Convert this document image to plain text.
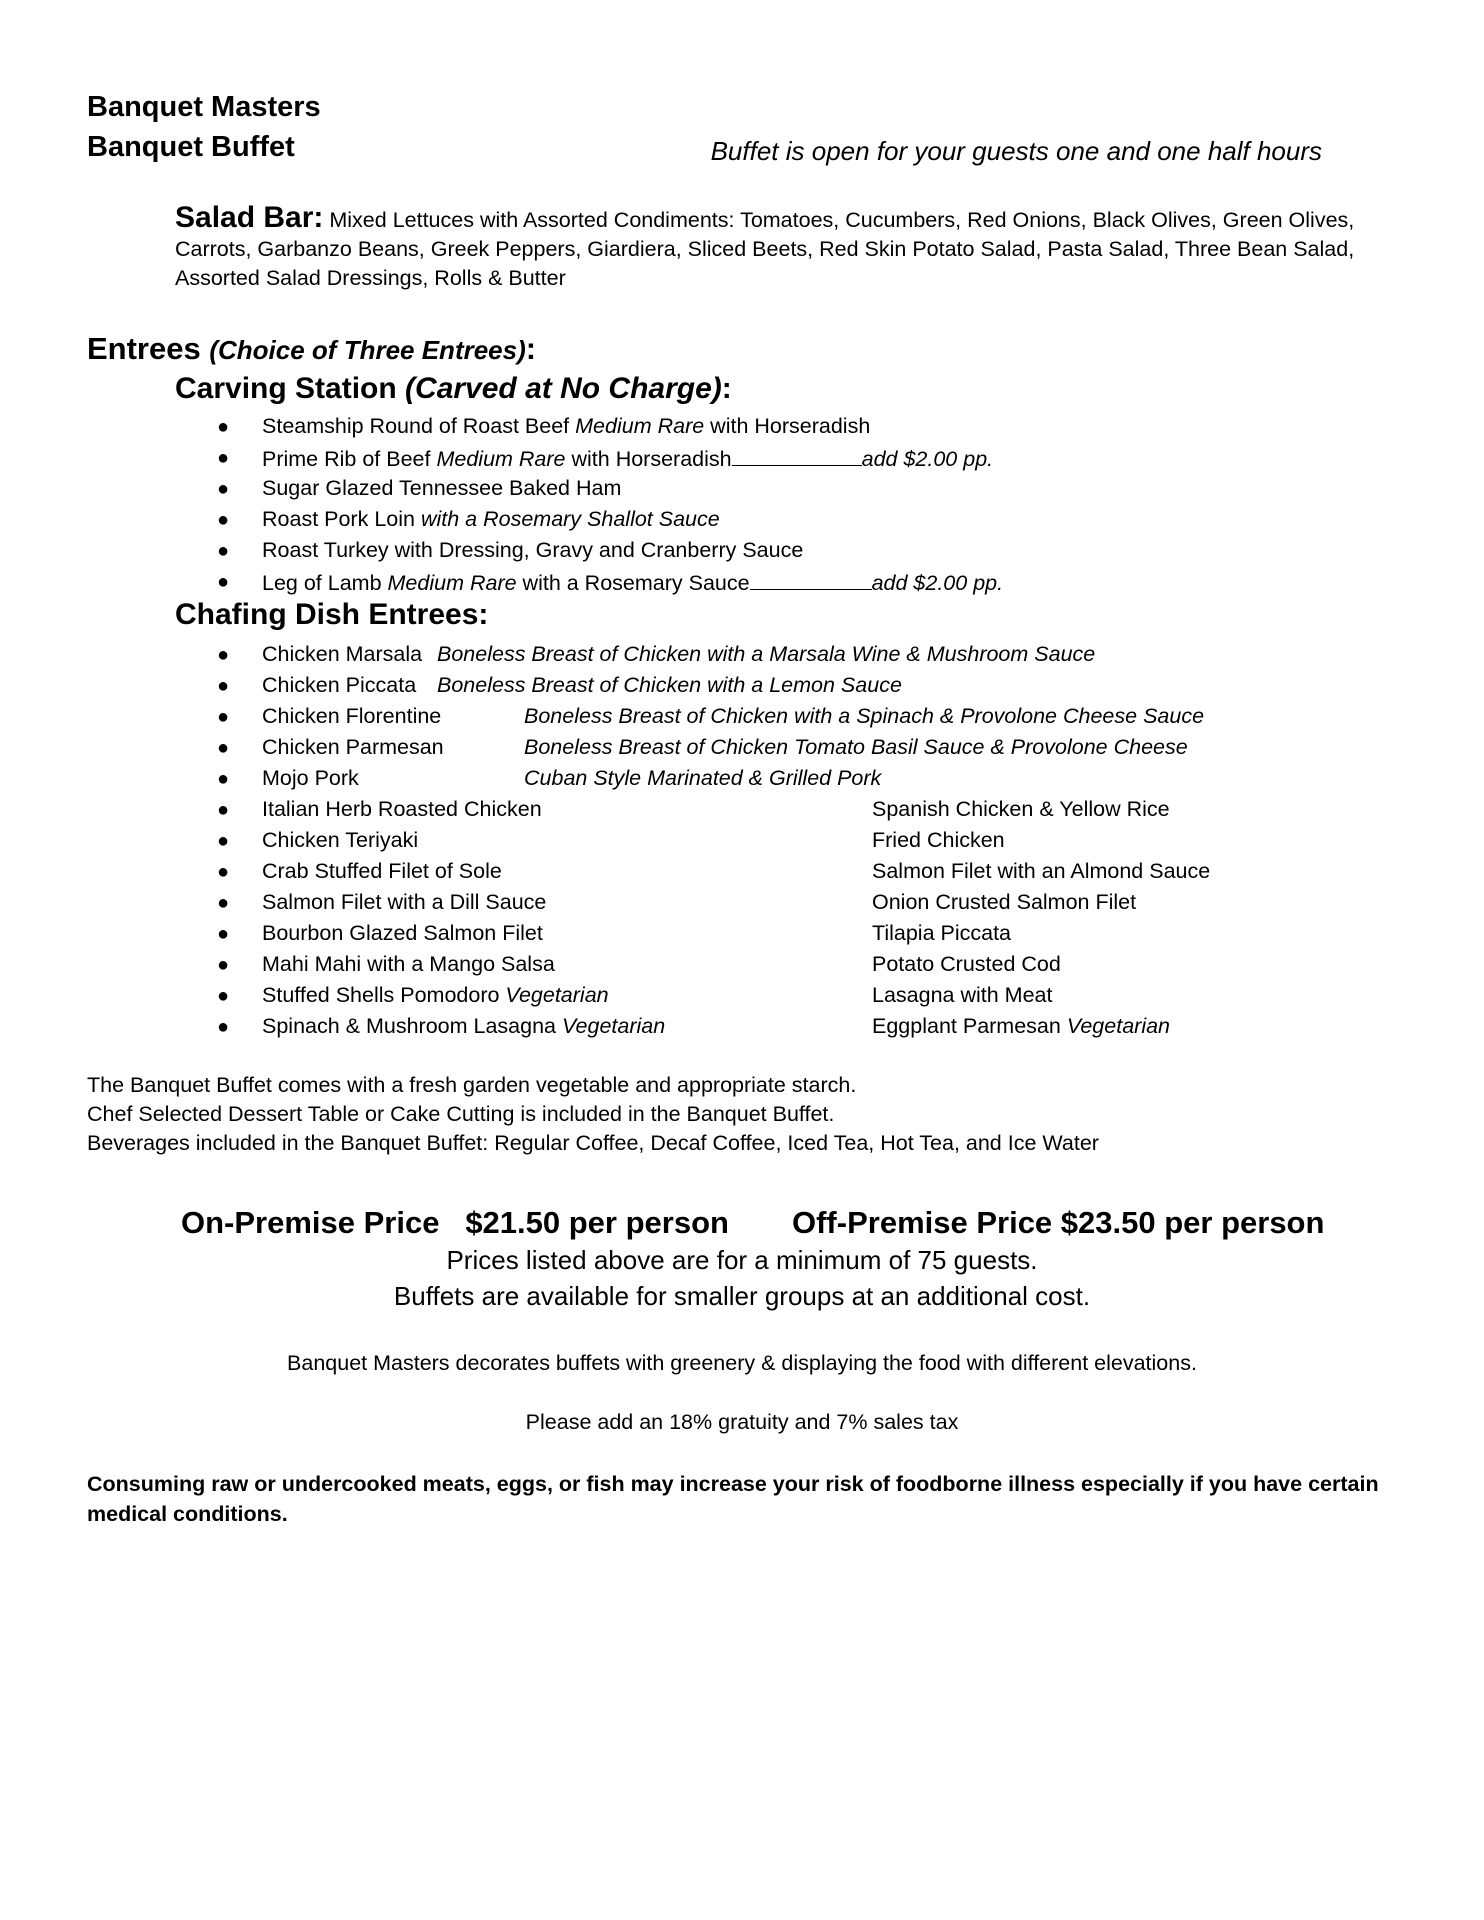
Banquet Masters
Banquet Buffet	Buffet is open for your guests one and one half hours
Salad Bar: Mixed Lettuces with Assorted Condiments: Tomatoes, Cucumbers, Red Onions, Black Olives, Green Olives, Carrots, Garbanzo Beans, Greek Peppers, Giardiera, Sliced Beets, Red Skin Potato Salad, Pasta Salad, Three Bean Salad, Assorted Salad Dressings, Rolls & Butter
Entrees (Choice of Three Entrees):
Carving Station (Carved at No Charge):
● Steamship Round of Roast Beef Medium Rare with Horseradish
● Prime Rib of Beef Medium Rare with Horseradish	add $2.00 pp.
● Sugar Glazed Tennessee Baked Ham
● Roast Pork Loin with a Rosemary Shallot Sauce
● Roast Turkey with Dressing, Gravy and Cranberry Sauce
● Leg of Lamb Medium Rare with a Rosemary Sauce	add $2.00 pp.
Chafing Dish Entrees:
● Chicken Marsala Boneless Breast of Chicken with a Marsala Wine & Mushroom Sauce
● Chicken Piccata Boneless Breast of Chicken with a Lemon Sauce
● Chicken Florentine	Boneless Breast of Chicken with a Spinach & Provolone Cheese Sauce
● Chicken Parmesan	Boneless Breast of Chicken Tomato Basil Sauce & Provolone Cheese
● Mojo Pork	Cuban Style Marinated & Grilled Pork
● Italian Herb Roasted Chicken	Spanish Chicken & Yellow Rice
● Chicken Teriyaki	Fried Chicken
● Crab Stuffed Filet of Sole	Salmon Filet with an Almond Sauce
● Salmon Filet with a Dill Sauce	Onion Crusted Salmon Filet
● Bourbon Glazed Salmon Filet	Tilapia Piccata
● Mahi Mahi with a Mango Salsa	Potato Crusted Cod
● Stuffed Shells Pomodoro Vegetarian	Lasagna with Meat
● Spinach & Mushroom Lasagna Vegetarian	Eggplant Parmesan Vegetarian
The Banquet Buffet comes with a fresh garden vegetable and appropriate starch.
Chef Selected Dessert Table or Cake Cutting is included in the Banquet Buffet.
Beverages included in the Banquet Buffet: Regular Coffee, Decaf Coffee, Iced Tea, Hot Tea, and Ice Water
On-Premise Price $21.50 per person Off-Premise Price $23.50 per person
Prices listed above are for a minimum of 75 guests.
Buffets are available for smaller groups at an additional cost.
Banquet Masters decorates buffets with greenery & displaying the food with different elevations.
Please add an 18% gratuity and 7% sales tax
Consuming raw or undercooked meats, eggs, or fish may increase your risk of foodborne illness especially if you have certain medical conditions.
